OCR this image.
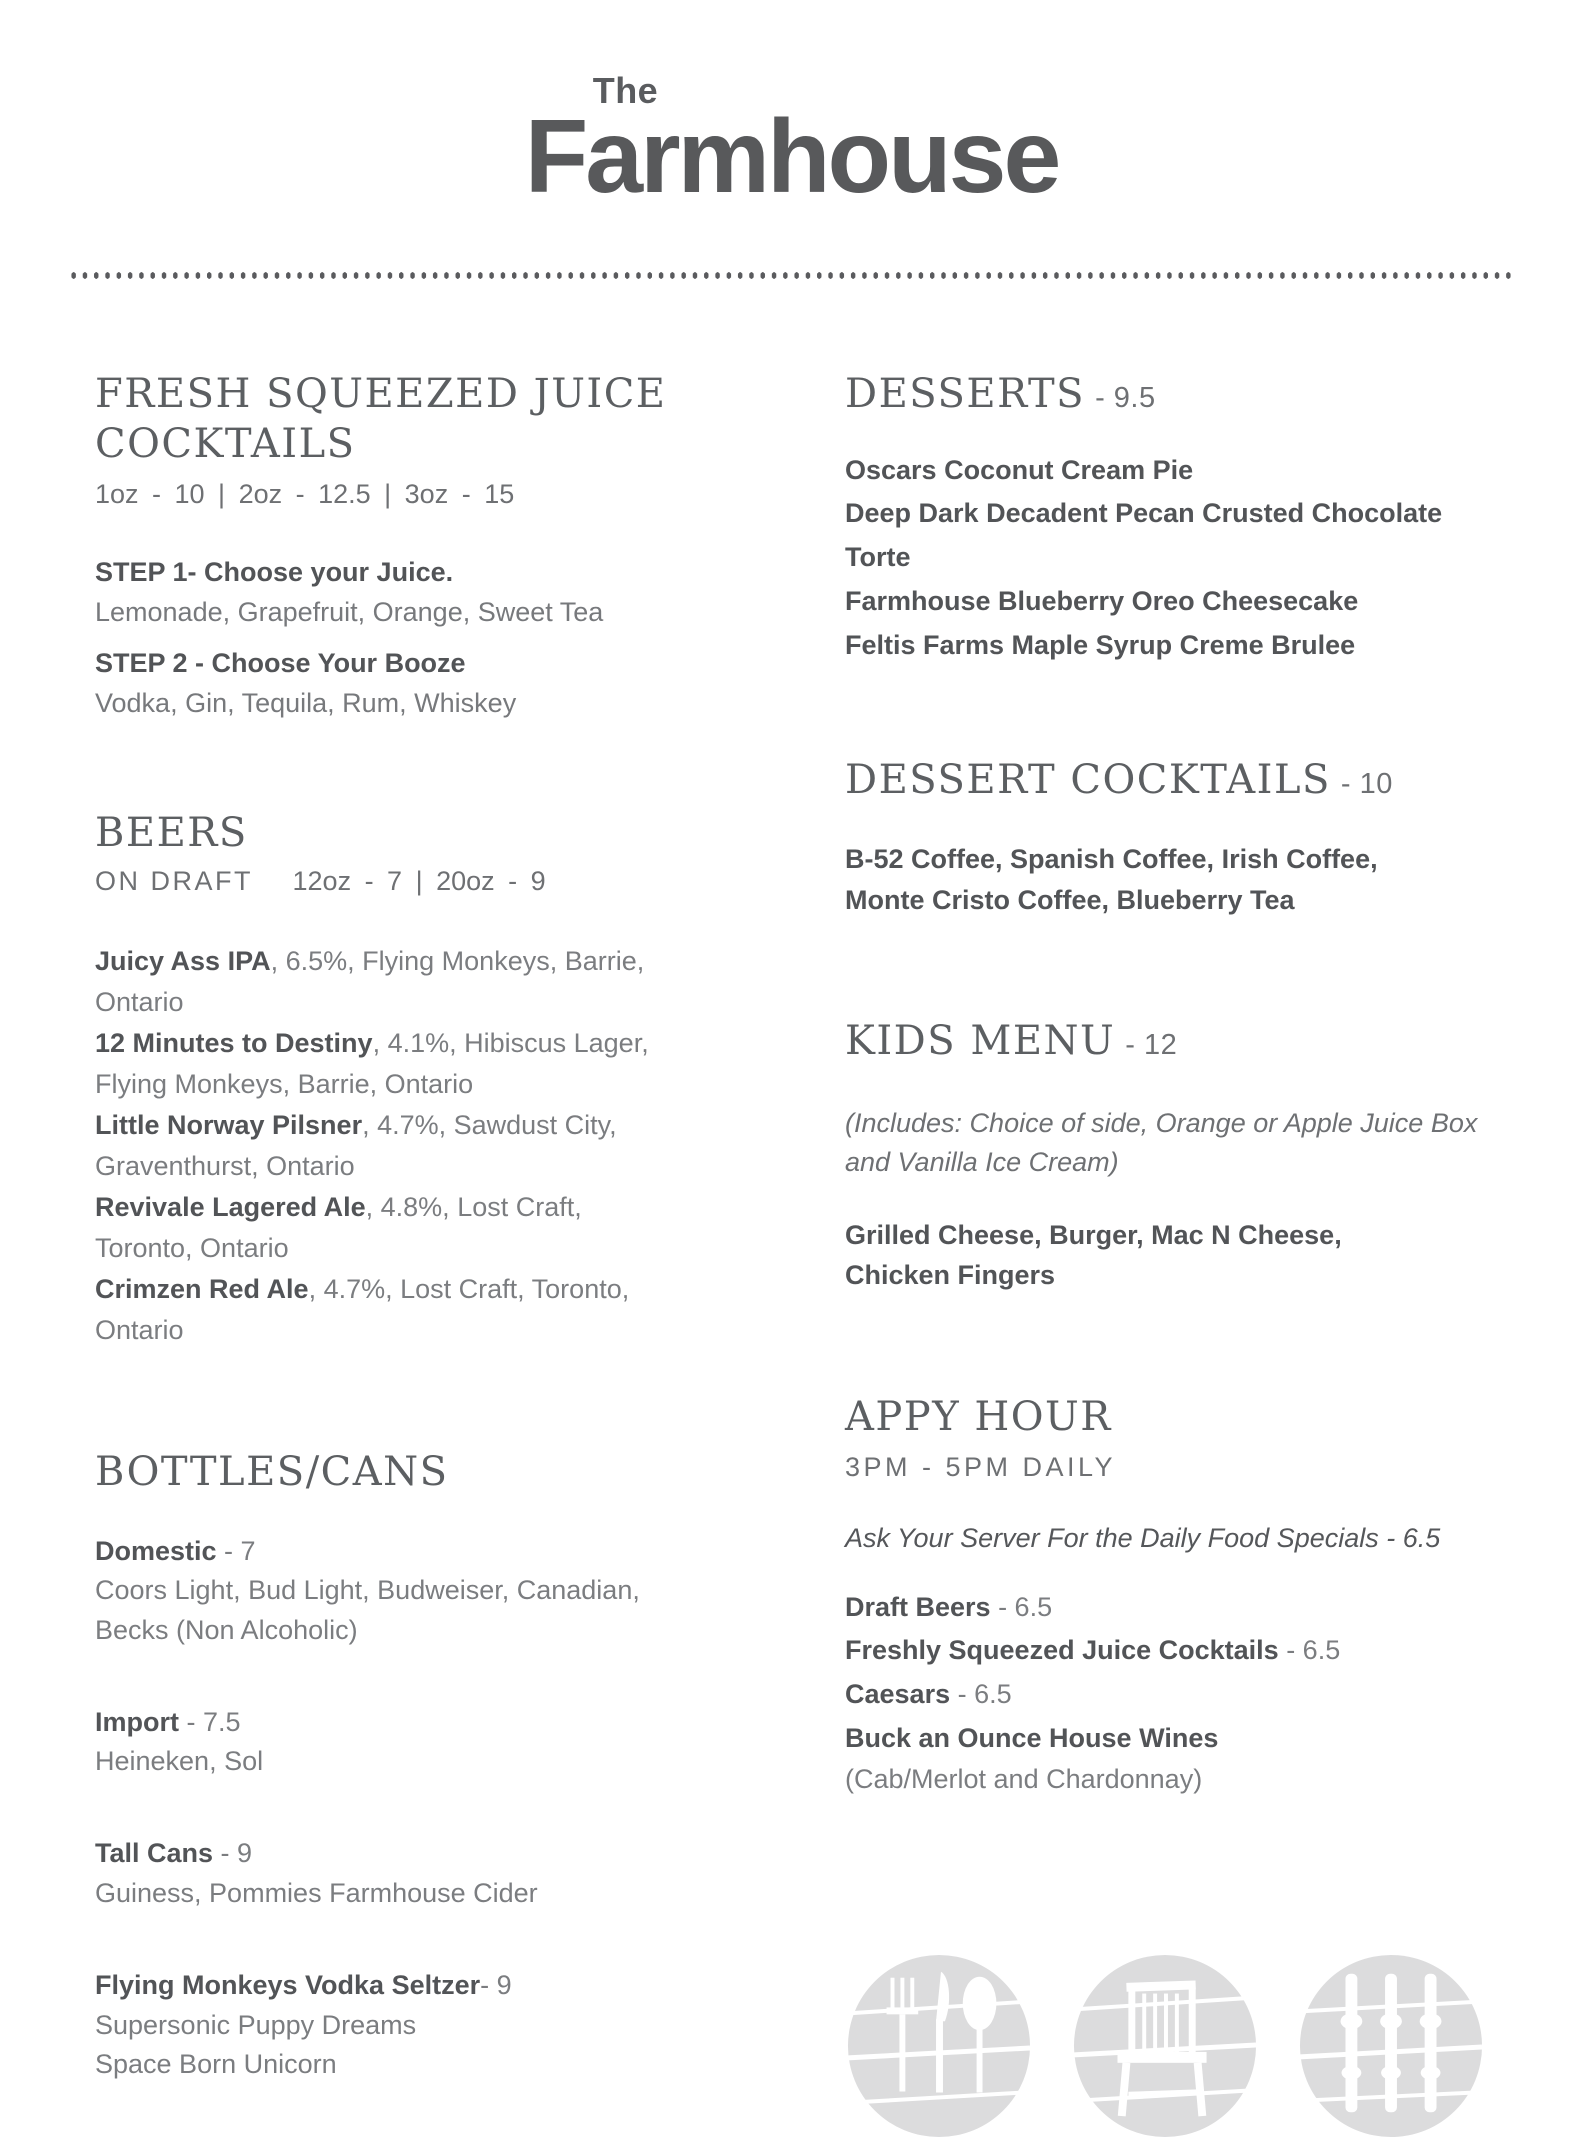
The
Farmhouse
FRESH SQUEEZED JUICE COCKTAILS
1oz - 10 | 2oz - 12.5 | 3oz - 15
STEP 1- Choose your Juice.
Lemonade, Grapefruit, Orange, Sweet Tea
STEP 2 - Choose Your Booze
Vodka, Gin, Tequila, Rum, Whiskey
BEERS
ON DRAFT 12oz - 7 | 20oz - 9
Juicy Ass IPA, 6.5%, Flying Monkeys, Barrie, Ontario
12 Minutes to Destiny, 4.1%, Hibiscus Lager, Flying Monkeys, Barrie, Ontario
Little Norway Pilsner, 4.7%, Sawdust City, Graventhurst, Ontario
Revivale Lagered Ale, 4.8%, Lost Craft, Toronto, Ontario
Crimzen Red Ale, 4.7%, Lost Craft, Toronto, Ontario
BOTTLES/CANS
Domestic - 7
Coors Light, Bud Light, Budweiser, Canadian, Becks (Non Alcoholic)
Import - 7.5
Heineken, Sol
Tall Cans - 9
Guiness, Pommies Farmhouse Cider
Flying Monkeys Vodka Seltzer- 9
Supersonic Puppy Dreams
Space Born Unicorn
DESSERTS - 9.5
Oscars Coconut Cream Pie
Deep Dark Decadent Pecan Crusted Chocolate Torte
Farmhouse Blueberry Oreo Cheesecake
Feltis Farms Maple Syrup Creme Brulee
DESSERT COCKTAILS - 10
B-52 Coffee, Spanish Coffee, Irish Coffee, Monte Cristo Coffee, Blueberry Tea
KIDS MENU - 12
(Includes: Choice of side, Orange or Apple Juice Box and Vanilla Ice Cream)
Grilled Cheese, Burger, Mac N Cheese, Chicken Fingers
APPY HOUR
3PM - 5PM DAILY
Ask Your Server For the Daily Food Specials - 6.5
Draft Beers - 6.5
Freshly Squeezed Juice Cocktails - 6.5
Caesars - 6.5
Buck an Ounce House Wines
(Cab/Merlot and Chardonnay)
